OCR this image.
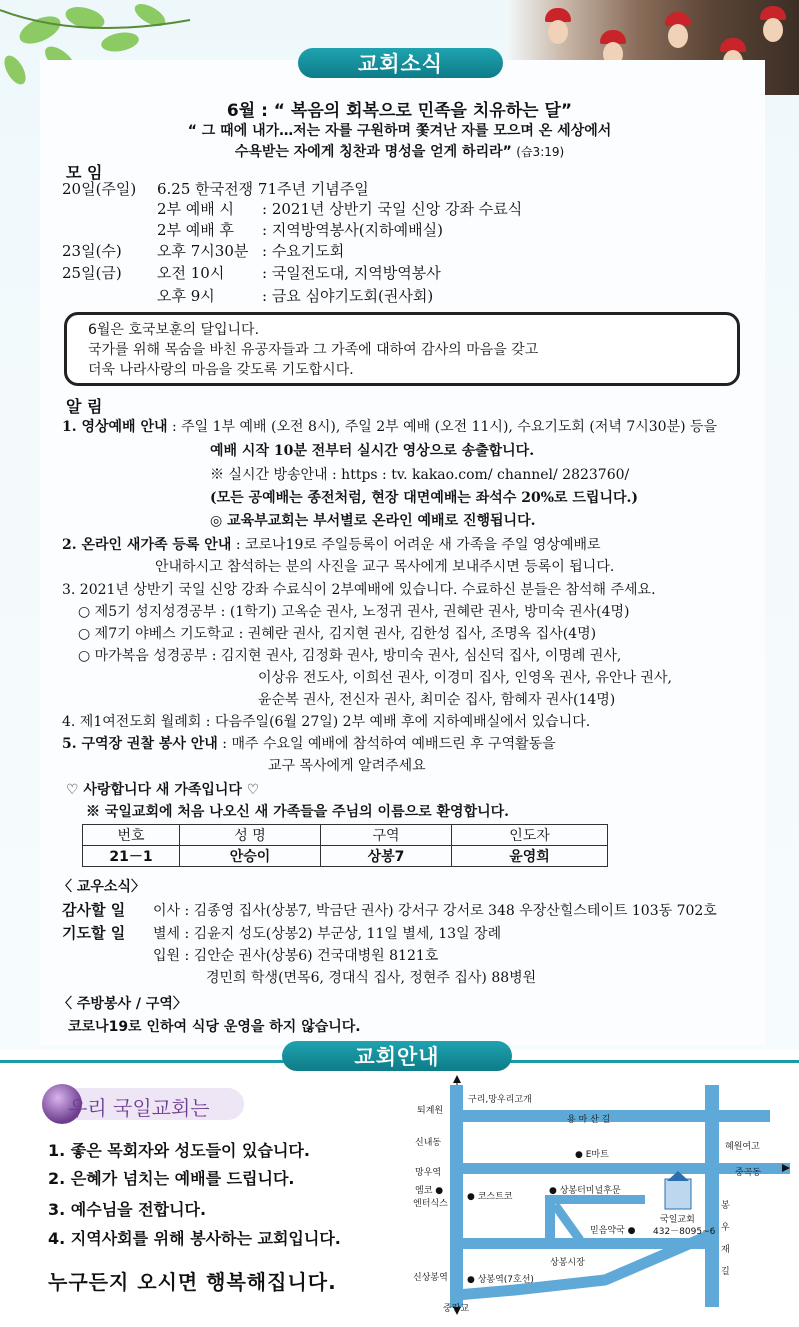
교회소식
6월 : “ 복음의 회복으로 민족을 치유하는 달”
“ 그 때에 내가…저는 자를 구원하며 쫓겨난 자를 모으며 온 세상에서
수욕받는 자에게 칭찬과 명성을 얻게 하리라” (습3:19)
모 임
20일(주일) 6.25 한국전쟁 71주년 기념주일
2부 예배 시 : 2021년 상반기 국일 신앙 강좌 수료식
2부 예배 후 : 지역방역봉사(지하예배실)
23일(수) 오후 7시30분 : 수요기도회
25일(금) 오전 10시	: 국일전도대, 지역방역봉사
오후 9시	: 금요 심야기도회(권사회)
6월은 호국보훈의 달입니다.
국가를 위해 목숨을 바친 유공자들과 그 가족에 대하여 감사의 마음을 갖고
더욱 나라사랑의 마음을 갖도록 기도합시다.
알 림
1. 영상예배 안내 : 주일 1부 예배 (오전 8시), 주일 2부 예배 (오전 11시), 수요기도회 (저녁 7시30분) 등을
예배 시작 10분 전부터 실시간 영상으로 송출합니다.
※ 실시간 방송안내 : https : tv. kakao.com/ channel/ 2823760/
(모든 공예배는 종전처럼, 현장 대면예배는 좌석수 20%로 드립니다.)
◎ 교육부교회는 부서별로 온라인 예배로 진행됩니다.
2. 온라인 새가족 등록 안내 : 코로나19로 주일등록이 어려운 새 가족을 주일 영상예배로
안내하시고 참석하는 분의 사진을 교구 목사에게 보내주시면 등록이 됩니다.
3. 2021년 상반기 국일 신앙 강좌 수료식이 2부예배에 있습니다. 수료하신 분들은 참석해 주세요.
○ 제5기 성지성경공부 : (1학기) 고옥순 권사, 노정귀 권사, 권혜란 권사, 방미숙 권사(4명)
○ 제7기 야베스 기도학교 : 권혜란 권사, 김지현 권사, 김한성 집사, 조명옥 집사(4명)
○ 마가복음 성경공부 : 김지현 권사, 김정화 권사, 방미숙 권사, 심신덕 집사, 이명례 권사,
이상유 전도사, 이희선 권사, 이경미 집사, 인영옥 권사, 유안나 권사,
윤순복 권사, 전신자 권사, 최미순 집사, 함혜자 권사(14명)
4. 제1여전도회 월례회 : 다음주일(6월 27일) 2부 예배 후에 지하예배실에서 있습니다.
5. 구역장 권찰 봉사 안내 : 매주 수요일 예배에 참석하여 예배드린 후 구역활동을
교구 목사에게 알려주세요
♡ 사랑합니다 새 가족입니다 ♡
※ 국일교회에 처음 나오신 새 가족들을 주님의 이름으로 환영합니다.
번호	성 명	구역	인도자
21－1	안승이	상봉7	윤영희
〈 교우소식〉
감사할 일 이사 : 김종영 집사(상봉7, 박금단 권사) 강서구 강서로 348 우장산힐스테이트 103동 702호
기도할 일 별세 : 김윤지 성도(상봉2) 부군상, 11일 별세, 13일 장례
입원 : 김안순 권사(상봉6) 건국대병원 8121호
경민희 학생(면목6, 경대식 집사, 정현주 집사) 88병원
〈 주방봉사 / 구역〉
코로나19로 인하여 식당 운영을 하지 않습니다.
교회안내
우리 국일교회는
1. 좋은 목회자와 성도들이 있습니다.
2. 은혜가 넘치는 예배를 드립니다.
3. 예수님을 전합니다.
4. 지역사회를 위해 봉사하는 교회입니다.
누구든지 오시면 행복해집니다.
구리,망우리고개
퇴계원
용 마 산 길
신내동
● E마트
혜원여고
망우역	중곡동
엠코 ●
엔터식스
● 코스트코
● 상봉터미널후문
국일교회
432－8095~6
믿음약국 ●
봉
우
재
길
상봉시장
신상봉역 ● 상봉역(7호선)
중랑교
